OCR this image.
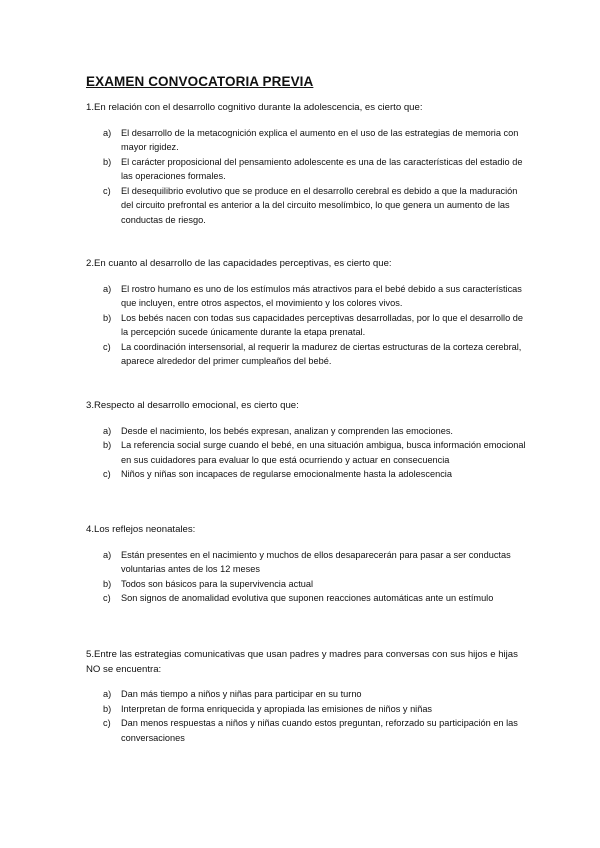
EXAMEN CONVOCATORIA PREVIA

1.En relación con el desarrollo cognitivo durante la adolescencia, es cierto que:

a) El desarrollo de la metacognición explica el aumento en el uso de las estrategias de memoria con mayor rigidez.
b) El carácter proposicional del pensamiento adolescente es una de las características del estadio de las operaciones formales.
c) El desequilibrio evolutivo que se produce en el desarrollo cerebral es debido a que la maduración del circuito prefrontal es anterior a la del circuito mesolímbico, lo que genera un aumento de las conductas de riesgo.

2.En cuanto al desarrollo de las capacidades perceptivas, es cierto que:

a) El rostro humano es uno de los estímulos más atractivos para el bebé debido a sus características que incluyen, entre otros aspectos, el movimiento y los colores vivos.
b) Los bebés nacen con todas sus capacidades perceptivas desarrolladas, por lo que el desarrollo de la percepción sucede únicamente durante la etapa prenatal.
c) La coordinación intersensorial, al requerir la madurez de ciertas estructuras de la corteza cerebral, aparece alrededor del primer cumpleaños del bebé.

3.Respecto al desarrollo emocional, es cierto que:

a) Desde el nacimiento, los bebés expresan, analizan y comprenden las emociones.
b) La referencia social surge cuando el bebé, en una situación ambigua, busca información emocional en sus cuidadores para evaluar lo que está ocurriendo y actuar en consecuencia
c) Niños y niñas son incapaces de regularse emocionalmente hasta la adolescencia

4.Los reflejos neonatales:

a) Están presentes en el nacimiento y muchos de ellos desaparecerán para pasar a ser conductas voluntarias antes de los 12 meses
b) Todos son básicos para la supervivencia actual
c) Son signos de anomalidad evolutiva que suponen reacciones automáticas ante un estímulo

5.Entre las estrategias comunicativas que usan padres y madres para conversas con sus hijos e hijas NO se encuentra:

a) Dan más tiempo a niños y niñas para participar en su turno
b) Interpretan de forma enriquecida y apropiada las emisiones de niños y niñas
c) Dan menos respuestas a niños y niñas cuando estos preguntan, reforzado su participación en las conversaciones
